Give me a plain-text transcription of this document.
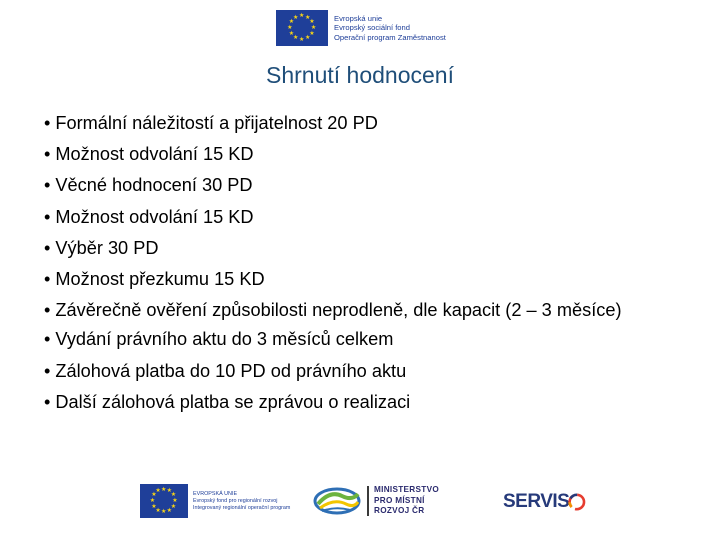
★ ★
★
★
★
★
★
★
★
★
★
★	Evropská unie
Evropský sociální fond
Operační program Zaměstnanost
Shrnutí hodnocení
• Formální náležitostí a přijatelnost 20 PD
• Možnost odvolání 15 KD
• Věcné hodnocení 30 PD
• Možnost odvolání 15 KD
• Výběr 30 PD
• Možnost přezkumu 15 KD
• Závěrečně ověření způsobilosti neprodleně, dle kapacit (2 – 3 měsíce)
• Vydání právního aktu do 3 měsíců celkem
• Zálohová platba do 10 PD od právního aktu
• Další zálohová platba se zprávou o realizaci
★ ★
★
★
★
★
★
★
★
★
★
★	EVROPSKÁ UNIE
Evropský fond pro regionální rozvoj
Integrovaný regionální operační program
MINISTERSTVO
PRO MÍSTNÍ
ROZVOJ ČR	SERVIS
